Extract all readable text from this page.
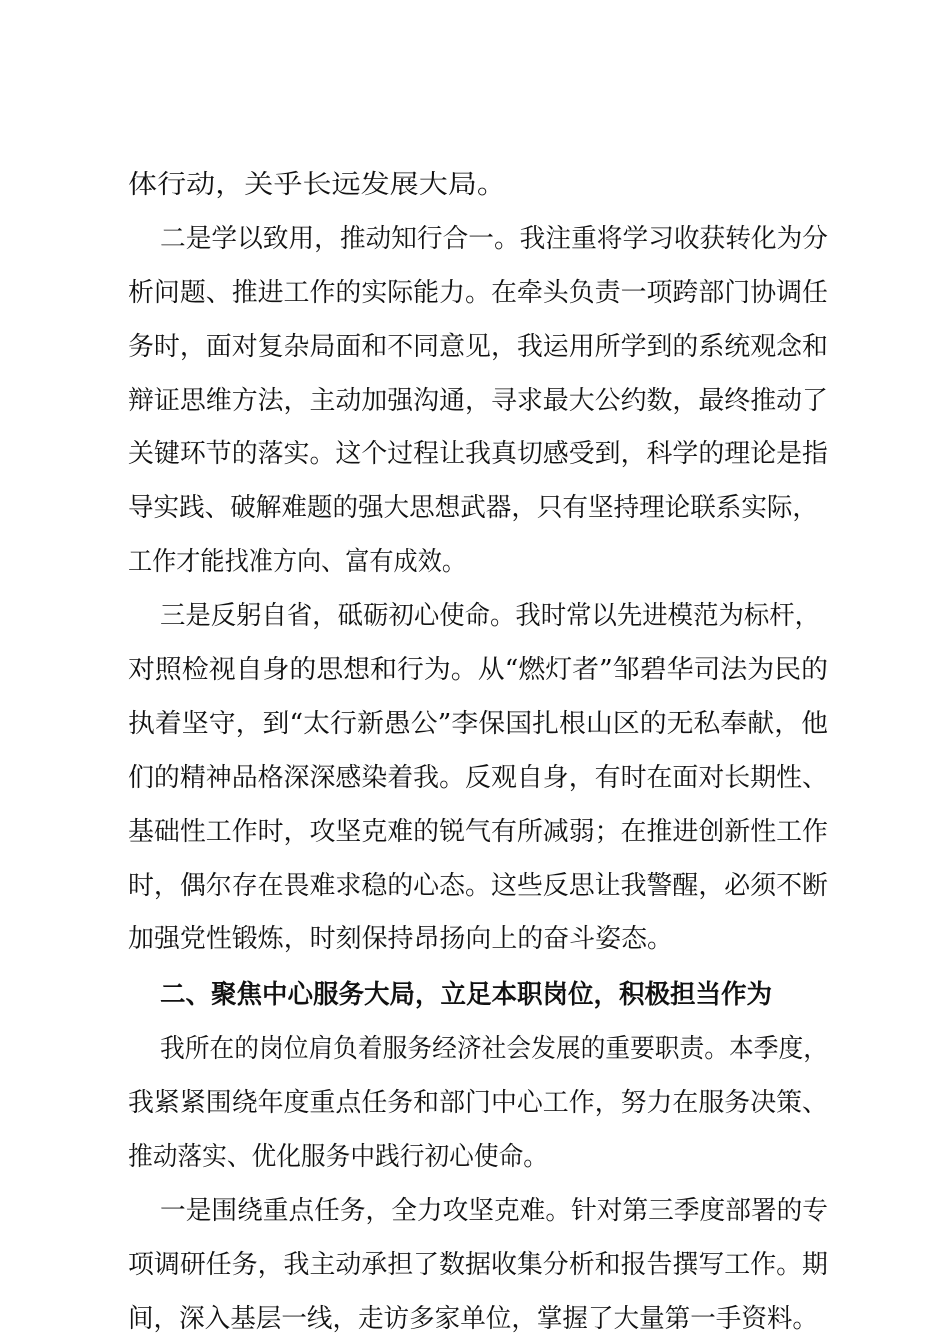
体行动，关乎长远发展大局。
二是学以致用，推动知行合一。我注重将学习收获转化为分
析问题、推进工作的实际能力。在牵头负责一项跨部门协调任
务时，面对复杂局面和不同意见，我运用所学到的系统观念和
辩证思维方法，主动加强沟通，寻求最大公约数，最终推动了
关键环节的落实。这个过程让我真切感受到，科学的理论是指
导实践、破解难题的强大思想武器，只有坚持理论联系实际，
工作才能找准方向、富有成效。
三是反躬自省，砥砺初心使命。我时常以先进模范为标杆，
对照检视自身的思想和行为。从“燃灯者”邹碧华司法为民的
执着坚守，到“太行新愚公”李保国扎根山区的无私奉献，他
们的精神品格深深感染着我。反观自身，有时在面对长期性、
基础性工作时，攻坚克难的锐气有所减弱；在推进创新性工作
时，偶尔存在畏难求稳的心态。这些反思让我警醒，必须不断
加强党性锻炼，时刻保持昂扬向上的奋斗姿态。
二、聚焦中心服务大局，立足本职岗位，积极担当作为
我所在的岗位肩负着服务经济社会发展的重要职责。本季度，
我紧紧围绕年度重点任务和部门中心工作，努力在服务决策、
推动落实、优化服务中践行初心使命。
一是围绕重点任务，全力攻坚克难。针对第三季度部署的专
项调研任务，我主动承担了数据收集分析和报告撰写工作。期
间，深入基层一线，走访多家单位，掌握了大量第一手资料。
